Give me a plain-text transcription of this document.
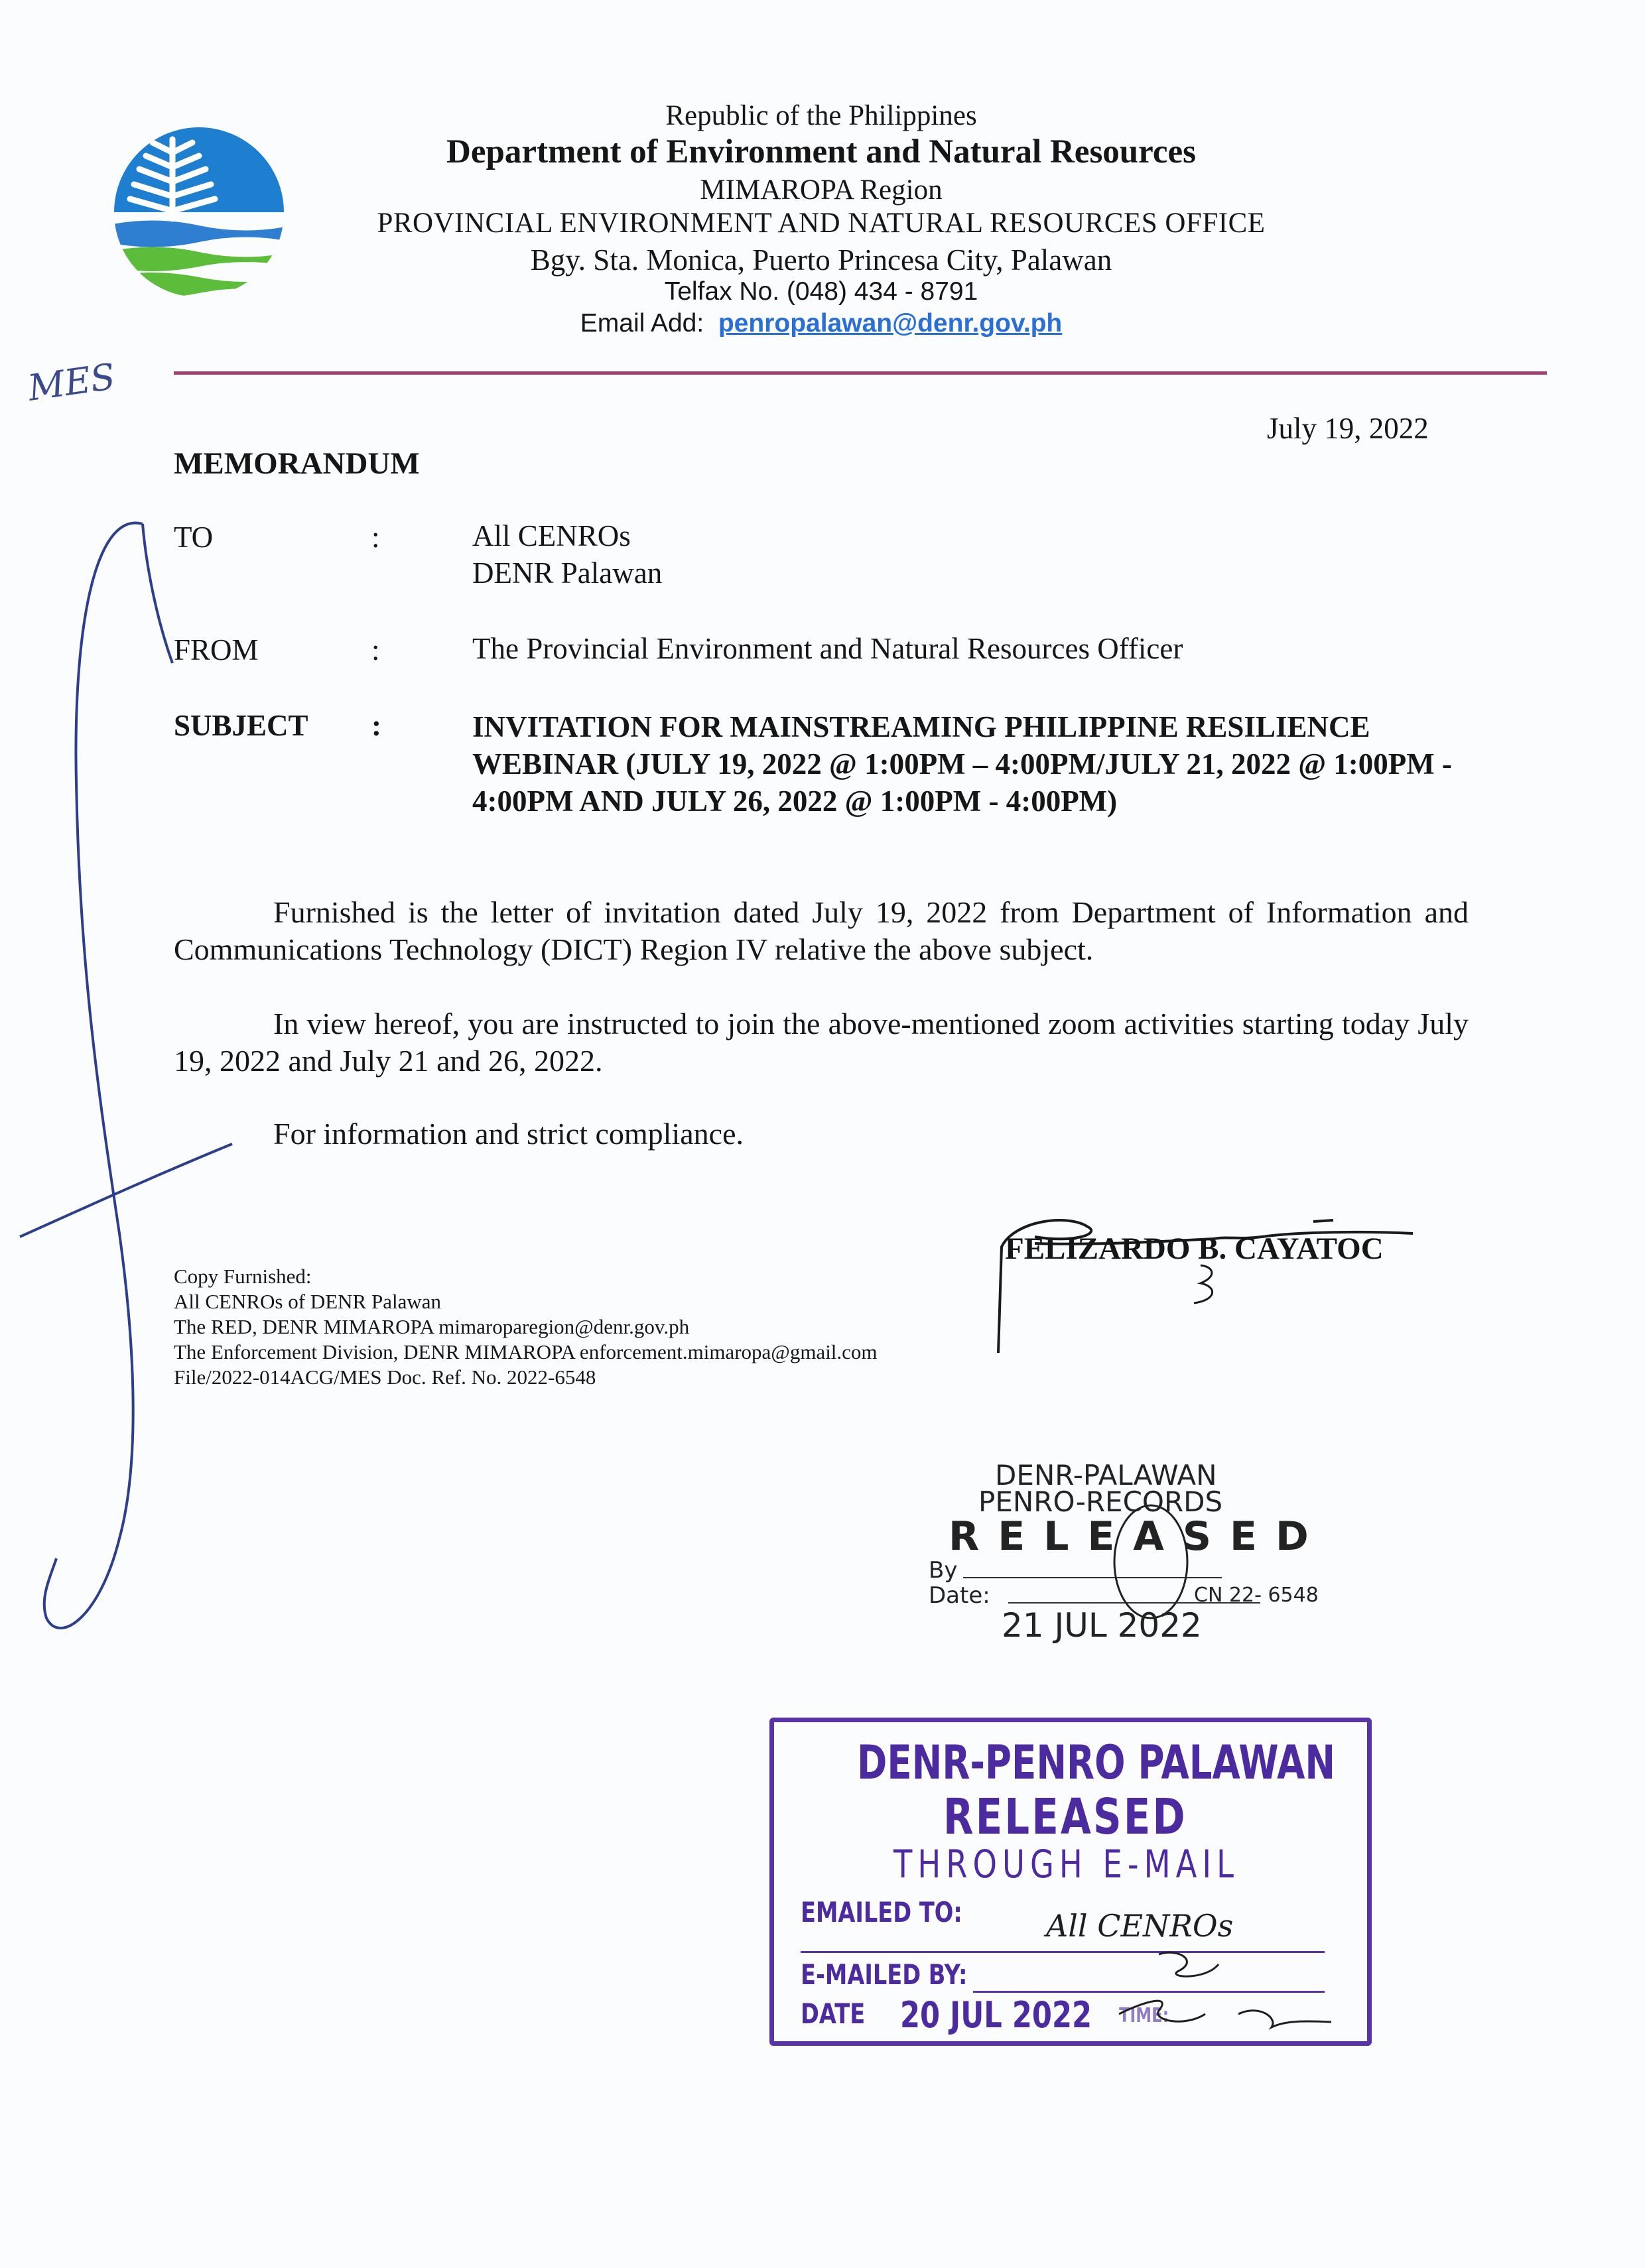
Republic of the Philippines
Department of Environment and Natural Resources
MIMAROPA Region
PROVINCIAL ENVIRONMENT AND NATURAL RESOURCES OFFICE
Bgy. Sta. Monica, Puerto Princesa City, Palawan
Telfax No. (048) 434 - 8791
Email Add: penropalawan@denr.gov.ph
MES
July 19, 2022
MEMORANDUM
TO	:	All CENROs
DENR Palawan
FROM	:	The Provincial Environment and Natural Resources Officer
SUBJECT :	INVITATION FOR MAINSTREAMING PHILIPPINE RESILIENCE WEBINAR (JULY 19, 2022 @ 1:00PM – 4:00PM/JULY 21, 2022 @ 1:00PM - 4:00PM AND JULY 26, 2022 @ 1:00PM - 4:00PM)
Furnished is the letter of invitation dated July 19, 2022 from Department of Information and Communications Technology (DICT) Region IV relative the above subject.
In view hereof, you are instructed to join the above-mentioned zoom activities starting today July 19, 2022 and July 21 and 26, 2022.
For information and strict compliance.
FELIZARDO B. CAYATOC
Copy Furnished:
All CENROs of DENR Palawan
The RED, DENR MIMAROPA mimaroparegion@denr.gov.ph
The Enforcement Division, DENR MIMAROPA enforcement.mimaropa@gmail.com
File/2022-014ACG/MES Doc. Ref. No. 2022-6548
DENR-PALAWAN
PENRO-RECORDS
RELEASED
By
Date:	CN 22- 6548
21 JUL 2022
DENR-PENRO PALAWAN
RELEASED
THROUGH E-MAIL
EMAILED TO:	All CENROs
E-MAILED BY:
DATE 20 JUL 2022 TIME:
